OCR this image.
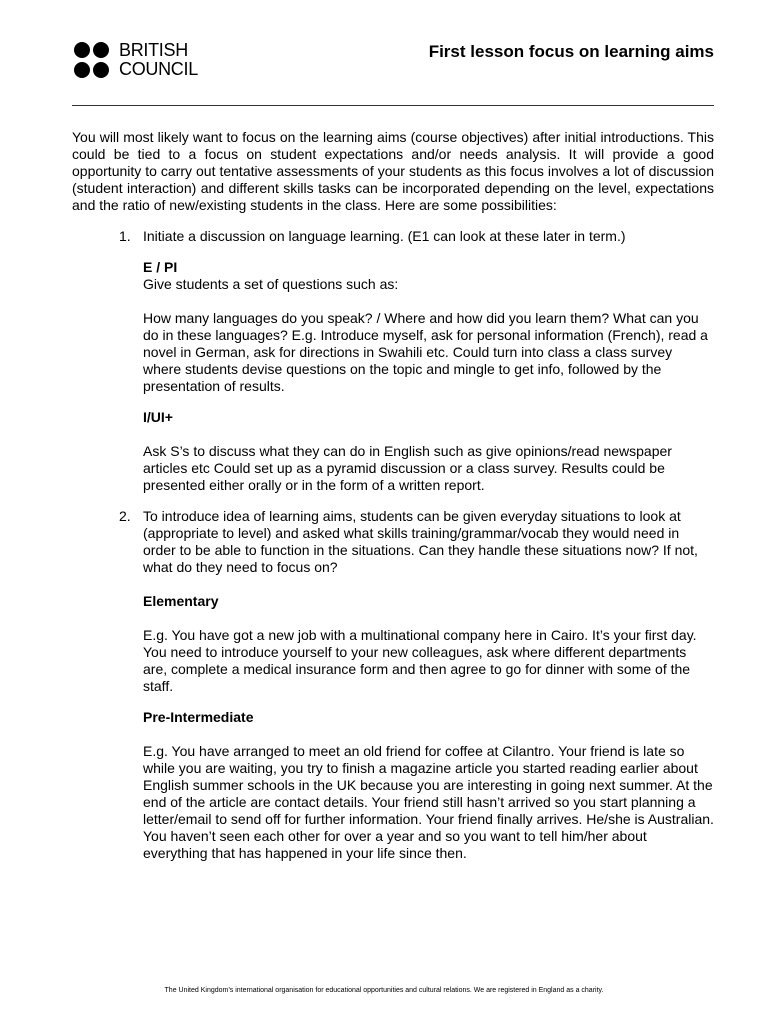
BRITISH
COUNCIL
First lesson focus on learning aims

You will most likely want to focus on the learning aims (course objectives) after initial introductions. This could be tied to a focus on student expectations and/or needs analysis. It will provide a good opportunity to carry out tentative assessments of your students as this focus involves a lot of discussion (student interaction) and different skills tasks can be incorporated depending on the level, expectations and the ratio of new/existing students in the class. Here are some possibilities:

1. Initiate a discussion on language learning. (E1 can look at these later in term.)
E / PI
Give students a set of questions such as:
How many languages do you speak? / Where and how did you learn them? What can you do in these languages? E.g. Introduce myself, ask for personal information (French), read a novel in German, ask for directions in Swahili etc. Could turn into class a class survey where students devise questions on the topic and mingle to get info, followed by the presentation of results.
I/UI+
Ask S’s to discuss what they can do in English such as give opinions/read newspaper articles etc Could set up as a pyramid discussion or a class survey. Results could be presented either orally or in the form of a written report.
2. To introduce idea of learning aims, students can be given everyday situations to look at (appropriate to level) and asked what skills training/grammar/vocab they would need in order to be able to function in the situations. Can they handle these situations now? If not, what do they need to focus on?
Elementary
E.g. You have got a new job with a multinational company here in Cairo. It’s your first day. You need to introduce yourself to your new colleagues, ask where different departments are, complete a medical insurance form and then agree to go for dinner with some of the staff.
Pre-Intermediate
E.g. You have arranged to meet an old friend for coffee at Cilantro. Your friend is late so while you are waiting, you try to finish a magazine article you started reading earlier about English summer schools in the UK because you are interesting in going next summer. At the end of the article are contact details. Your friend still hasn’t arrived so you start planning a letter/email to send off for further information. Your friend finally arrives. He/she is Australian. You haven’t seen each other for over a year and so you want to tell him/her about everything that has happened in your life since then.
The United Kingdom’s international organisation for educational opportunities and cultural relations. We are registered in England as a charity.
